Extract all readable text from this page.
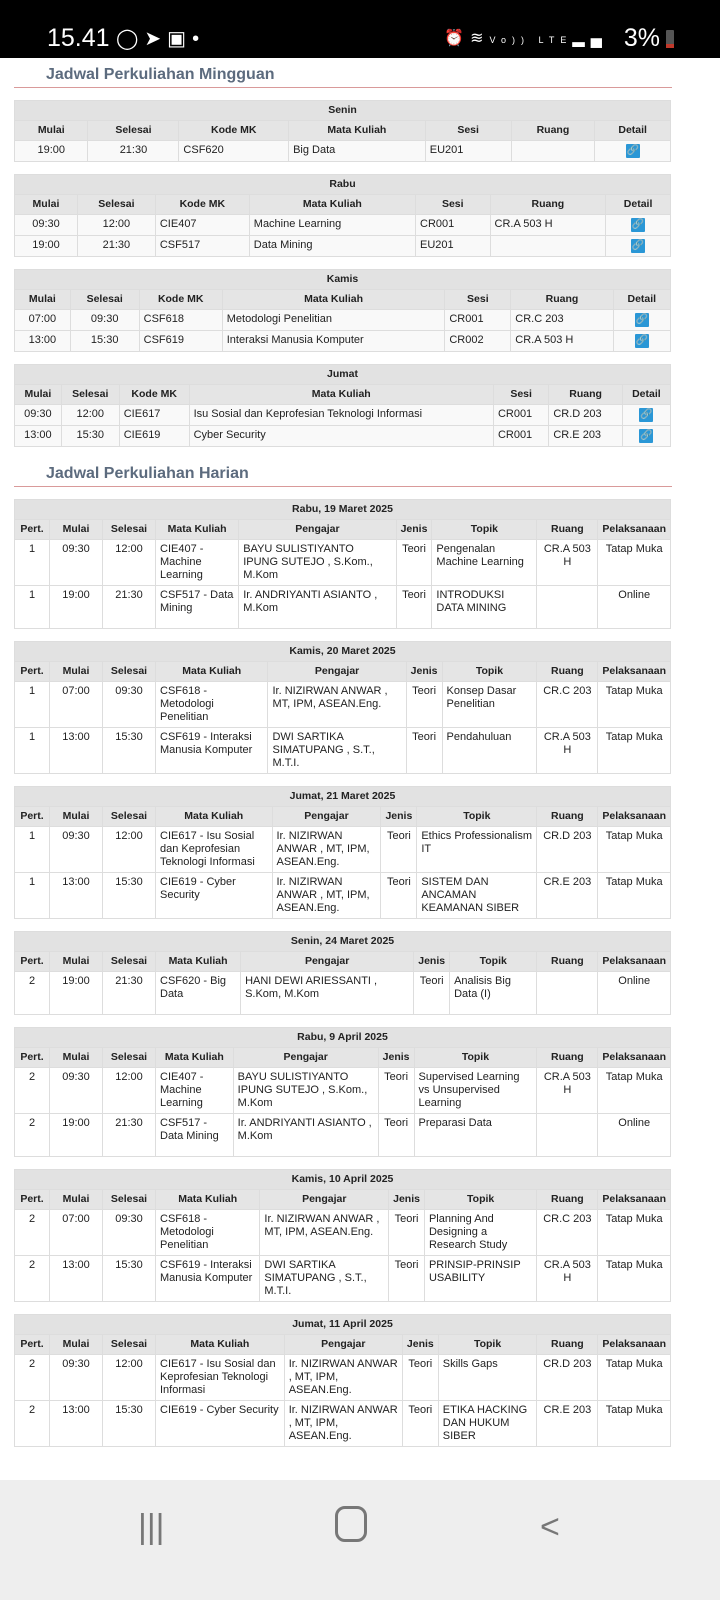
15.41 ◯➤▣•	⏰≋Vo)) LTE▂▄ 3%
Jadwal Perkuliahan Mingguan
Senin						
Mulai	Selesai	Kode MK	Mata Kuliah	Sesi	Ruang	Detail
19:00	21:30	CSF620	Big Data	EU201		🔗
Rabu						
Mulai	Selesai	Kode MK	Mata Kuliah	Sesi	Ruang	Detail
09:30	12:00	CIE407	Machine Learning	CR001	CR.A 503 H	🔗
19:00	21:30	CSF517	Data Mining	EU201		🔗
Kamis						
Mulai	Selesai	Kode MK	Mata Kuliah	Sesi	Ruang	Detail
07:00	09:30	CSF618	Metodologi Penelitian	CR001	CR.C 203	🔗
13:00	15:30	CSF619	Interaksi Manusia Komputer	CR002	CR.A 503 H	🔗
Jumat						
Mulai	Selesai	Kode MK	Mata Kuliah	Sesi	Ruang	Detail
09:30	12:00	CIE617	Isu Sosial dan Keprofesian Teknologi Informasi	CR001	CR.D 203	🔗
13:00	15:30	CIE619	Cyber Security	CR001	CR.E 203	🔗
Jadwal Perkuliahan Harian
Rabu, 19 Maret 2025								
Pert.	Mulai	Selesai	Mata Kuliah	Pengajar	Jenis	Topik	Ruang	Pelaksanaan
1	09:30	12:00	CIE407 - Machine Learning	BAYU SULISTIYANTO IPUNG SUTEJO , S.Kom., M.Kom	Teori	Pengenalan Machine Learning	CR.A 503 H	Tatap Muka
1	19:00	21:30	CSF517 - Data Mining	Ir. ANDRIYANTI ASIANTO , M.Kom	Teori	INTRODUKSI DATA MINING		Online
Kamis, 20 Maret 2025								
Pert.	Mulai	Selesai	Mata Kuliah	Pengajar	Jenis	Topik	Ruang	Pelaksanaan
1	07:00	09:30	CSF618 - Metodologi Penelitian	Ir. NIZIRWAN ANWAR , MT, IPM, ASEAN.Eng.	Teori	Konsep Dasar Penelitian	CR.C 203	Tatap Muka
1	13:00	15:30	CSF619 - Interaksi Manusia Komputer	DWI SARTIKA SIMATUPANG , S.T., M.T.I.	Teori	Pendahuluan	CR.A 503 H	Tatap Muka
Jumat, 21 Maret 2025								
Pert.	Mulai	Selesai	Mata Kuliah	Pengajar	Jenis	Topik	Ruang	Pelaksanaan
1	09:30	12:00	CIE617 - Isu Sosial dan Keprofesian Teknologi Informasi	Ir. NIZIRWAN ANWAR , MT, IPM, ASEAN.Eng.	Teori	Ethics Professionalism IT	CR.D 203	Tatap Muka
1	13:00	15:30	CIE619 - Cyber Security	Ir. NIZIRWAN ANWAR , MT, IPM, ASEAN.Eng.	Teori	SISTEM DAN ANCAMAN KEAMANAN SIBER	CR.E 203	Tatap Muka
Senin, 24 Maret 2025								
Pert.	Mulai	Selesai	Mata Kuliah	Pengajar	Jenis	Topik	Ruang	Pelaksanaan
2	19:00	21:30	CSF620 - Big Data	HANI DEWI ARIESSANTI , S.Kom, M.Kom	Teori	Analisis Big Data (I)		Online
Rabu, 9 April 2025								
Pert.	Mulai	Selesai	Mata Kuliah	Pengajar	Jenis	Topik	Ruang	Pelaksanaan
2	09:30	12:00	CIE407 - Machine Learning	BAYU SULISTIYANTO IPUNG SUTEJO , S.Kom., M.Kom	Teori	Supervised Learning vs Unsupervised Learning	CR.A 503 H	Tatap Muka
2	19:00	21:30	CSF517 - Data Mining	Ir. ANDRIYANTI ASIANTO , M.Kom	Teori	Preparasi Data		Online
Kamis, 10 April 2025								
Pert.	Mulai	Selesai	Mata Kuliah	Pengajar	Jenis	Topik	Ruang	Pelaksanaan
2	07:00	09:30	CSF618 - Metodologi Penelitian	Ir. NIZIRWAN ANWAR , MT, IPM, ASEAN.Eng.	Teori	Planning And Designing a Research Study	CR.C 203	Tatap Muka
2	13:00	15:30	CSF619 - Interaksi Manusia Komputer	DWI SARTIKA SIMATUPANG , S.T., M.T.I.	Teori	PRINSIP-PRINSIP USABILITY	CR.A 503 H	Tatap Muka
Jumat, 11 April 2025								
Pert.	Mulai	Selesai	Mata Kuliah	Pengajar	Jenis	Topik	Ruang	Pelaksanaan
2	09:30	12:00	CIE617 - Isu Sosial dan Keprofesian Teknologi Informasi	Ir. NIZIRWAN ANWAR , MT, IPM, ASEAN.Eng.	Teori	Skills Gaps	CR.D 203	Tatap Muka
2	13:00	15:30	CIE619 - Cyber Security	Ir. NIZIRWAN ANWAR , MT, IPM, ASEAN.Eng.	Teori	ETIKA HACKING DAN HUKUM SIBER	CR.E 203	Tatap Muka
|||	<
